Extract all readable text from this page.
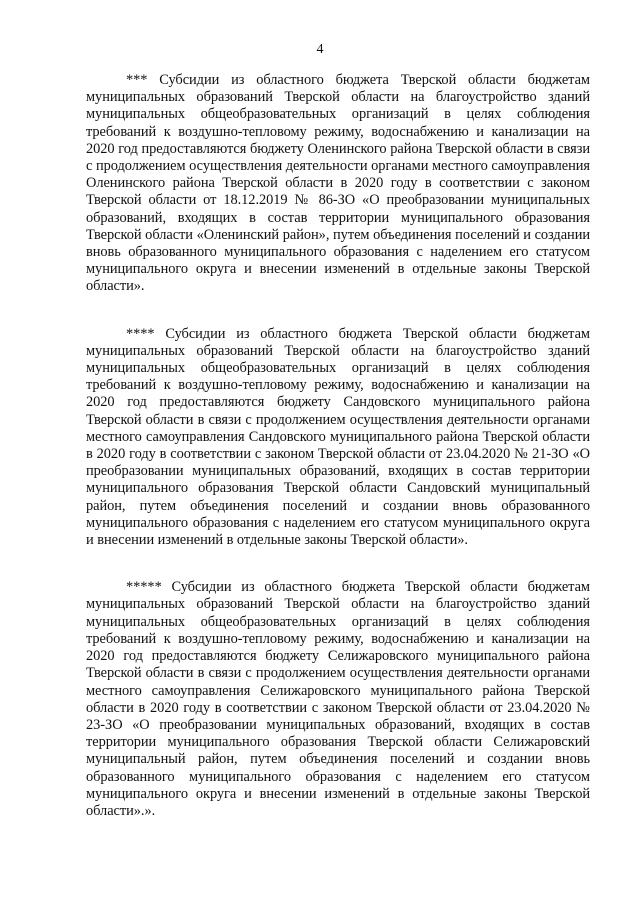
4

*** Субсидии из областного бюджета Тверской области бюджетам муниципальных образований Тверской области на благоустройство зданий муниципальных общеобразовательных организаций в целях соблюдения требований к воздушно-тепловому режиму, водоснабжению и канализации на 2020 год предоставляются бюджету Оленинского района Тверской области в связи с продолжением осуществления деятельности органами местного самоуправления Оленинского района Тверской области в 2020 году в соответствии с законом Тверской области от 18.12.2019 № 86-ЗО «О преобразовании муниципальных образований, входящих в состав территории муниципального образования Тверской области «Оленинский район», путем объединения поселений и создании вновь образованного муниципального образования с наделением его статусом муниципального округа и внесении изменений в отдельные законы Тверской области».

**** Субсидии из областного бюджета Тверской области бюджетам муниципальных образований Тверской области на благоустройство зданий муниципальных общеобразовательных организаций в целях соблюдения требований к воздушно-тепловому режиму, водоснабжению и канализации на 2020 год предоставляются бюджету Сандовского муниципального района Тверской области в связи с продолжением осуществления деятельности органами местного самоуправления Сандовского муниципального района Тверской области в 2020 году в соответствии с законом Тверской области от 23.04.2020 № 21-ЗО «О преобразовании муниципальных образований, входящих в состав территории муниципального образования Тверской области Сандовский муниципальный район, путем объединения поселений и создании вновь образованного муниципального образования с наделением его статусом муниципального округа и внесении изменений в отдельные законы Тверской области».

***** Субсидии из областного бюджета Тверской области бюджетам муниципальных образований Тверской области на благоустройство зданий муниципальных общеобразовательных организаций в целях соблюдения требований к воздушно-тепловому режиму, водоснабжению и канализации на 2020 год предоставляются бюджету Селижаровского муниципального района Тверской области в связи с продолжением осуществления деятельности органами местного самоуправления Селижаровского муниципального района Тверской области в 2020 году в соответствии с законом Тверской области от 23.04.2020 № 23-ЗО «О преобразовании муниципальных образований, входящих в состав территории муниципального образования Тверской области Селижаровский муниципальный район, путем объединения поселений и создании вновь образованного муниципального образования с наделением его статусом муниципального округа и внесении изменений в отдельные законы Тверской области».».
